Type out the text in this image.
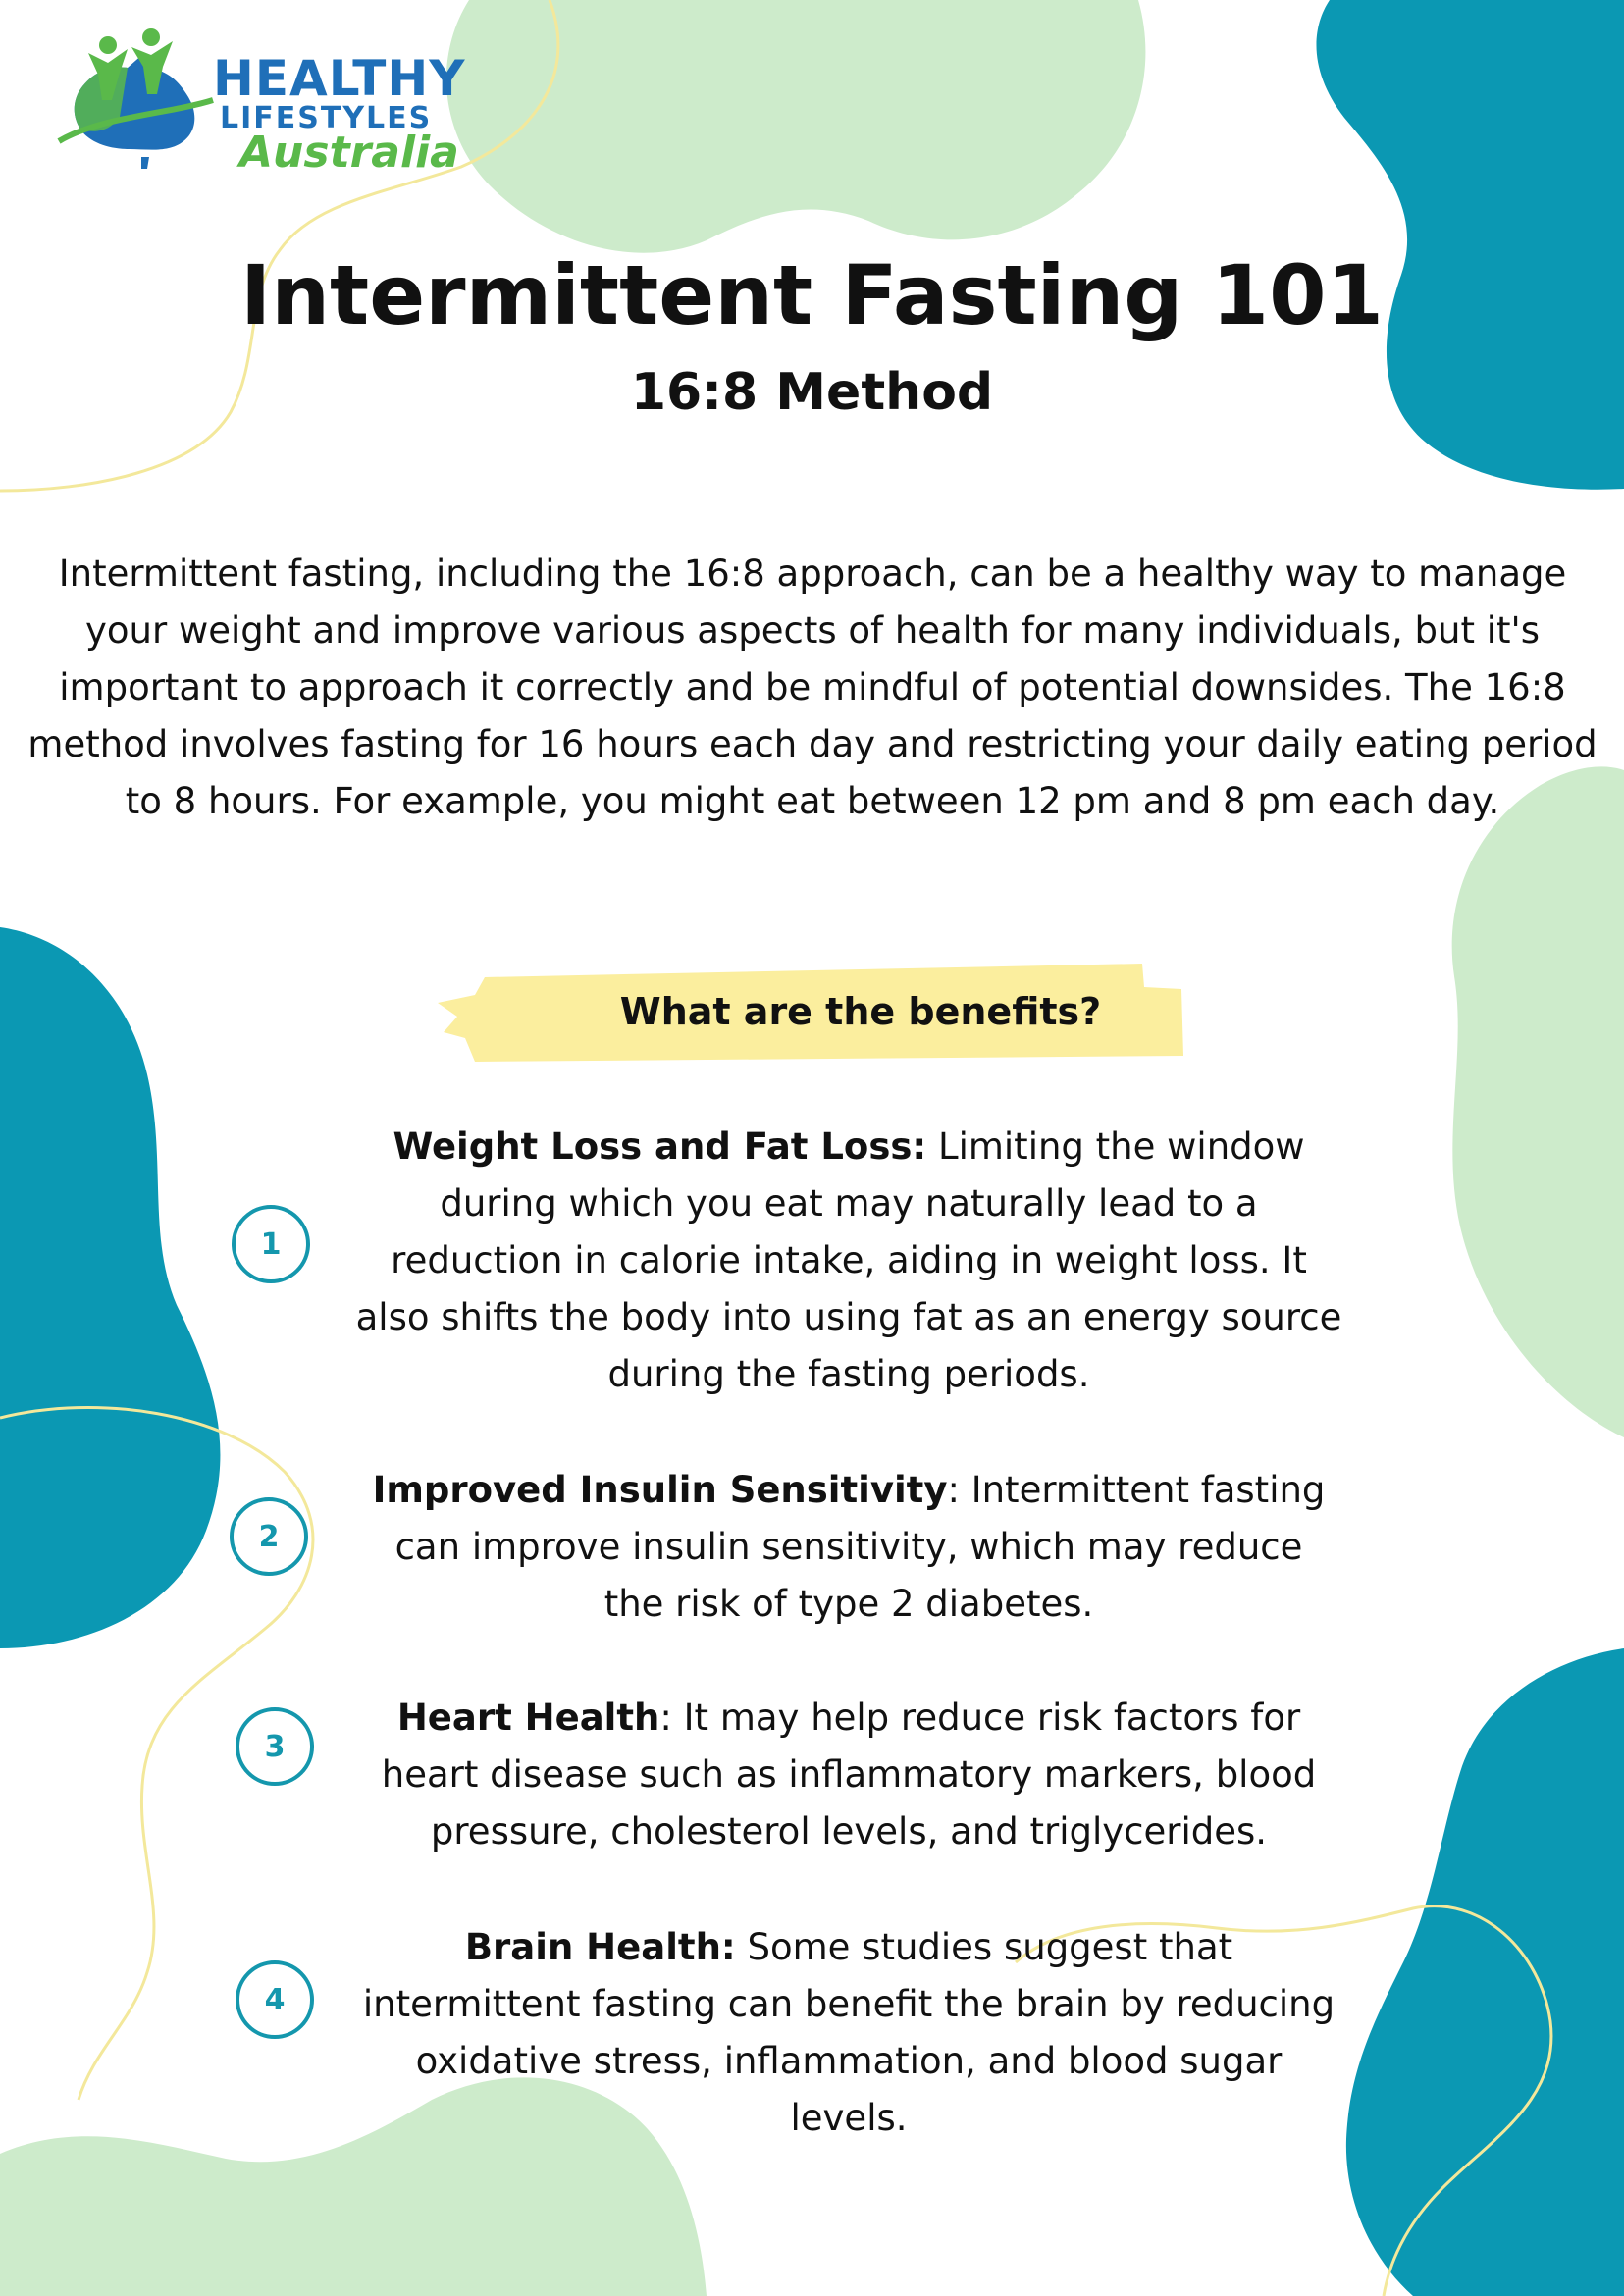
HEALTHY
LIFESTYLES
Australia
Intermittent Fasting 101
16:8 Method

Intermittent fasting, including the 16:8 approach, can be a healthy way to manage your weight and improve various aspects of health for many individuals, but it's important to approach it correctly and be mindful of potential downsides. The 16:8 method involves fasting for 16 hours each day and restricting your daily eating period to 8 hours. For example, you might eat between 12 pm and 8 pm each day.

What are the benefits?
1

Weight Loss and Fat Loss: Limiting the window during which you eat may naturally lead to a reduction in calorie intake, aiding in weight loss. It also shifts the body into using fat as an energy source during the fasting periods.

2

Improved Insulin Sensitivity: Intermittent fasting can improve insulin sensitivity, which may reduce the risk of type 2 diabetes.

3

Heart Health: It may help reduce risk factors for heart disease such as inflammatory markers, blood pressure, cholesterol levels, and triglycerides.

4

Brain Health: Some studies suggest that intermittent fasting can benefit the brain by reducing oxidative stress, inflammation, and blood sugar levels.
